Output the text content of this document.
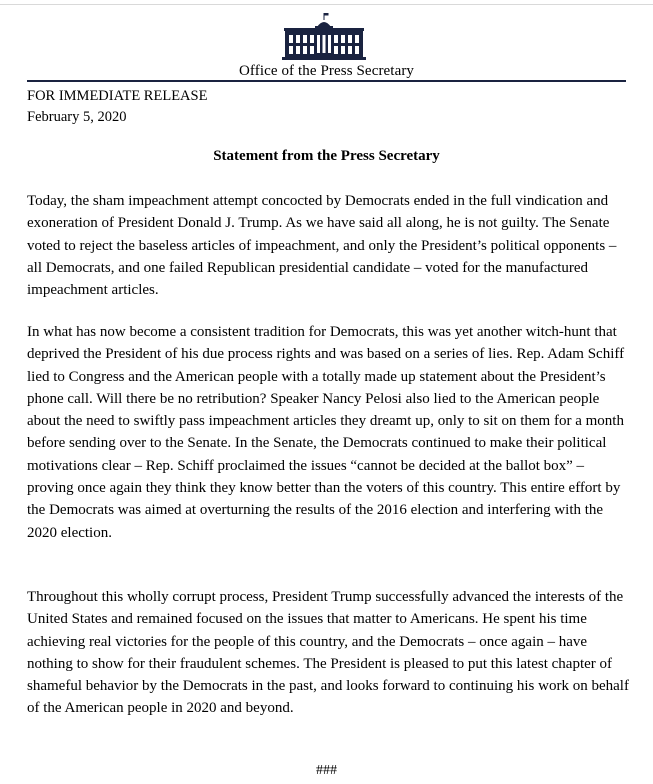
Office of the Press Secretary
FOR IMMEDIATE RELEASE
February 5, 2020
Statement from the Press Secretary

Today, the sham impeachment attempt concocted by Democrats ended in the full vindication and exoneration of President Donald J. Trump. As we have said all along, he is not guilty. The Senate voted to reject the baseless articles of impeachment, and only the President’s political opponents – all Democrats, and one failed Republican presidential candidate – voted for the manufactured impeachment articles.

In what has now become a consistent tradition for Democrats, this was yet another witch-hunt that deprived the President of his due process rights and was based on a series of lies. Rep. Adam Schiff lied to Congress and the American people with a totally made up statement about the President’s phone call. Will there be no retribution? Speaker Nancy Pelosi also lied to the American people about the need to swiftly pass impeachment articles they dreamt up, only to sit on them for a month before sending over to the Senate. In the Senate, the Democrats continued to make their political motivations clear – Rep. Schiff proclaimed the issues “cannot be decided at the ballot box” – proving once again they think they know better than the voters of this country. This entire effort by the Democrats was aimed at overturning the results of the 2016 election and interfering with the 2020 election.

Throughout this wholly corrupt process, President Trump successfully advanced the interests of the United States and remained focused on the issues that matter to Americans. He spent his time achieving real victories for the people of this country, and the Democrats – once again – have nothing to show for their fraudulent schemes. The President is pleased to put this latest chapter of shameful behavior by the Democrats in the past, and looks forward to continuing his work on behalf of the American people in 2020 and beyond.

###
